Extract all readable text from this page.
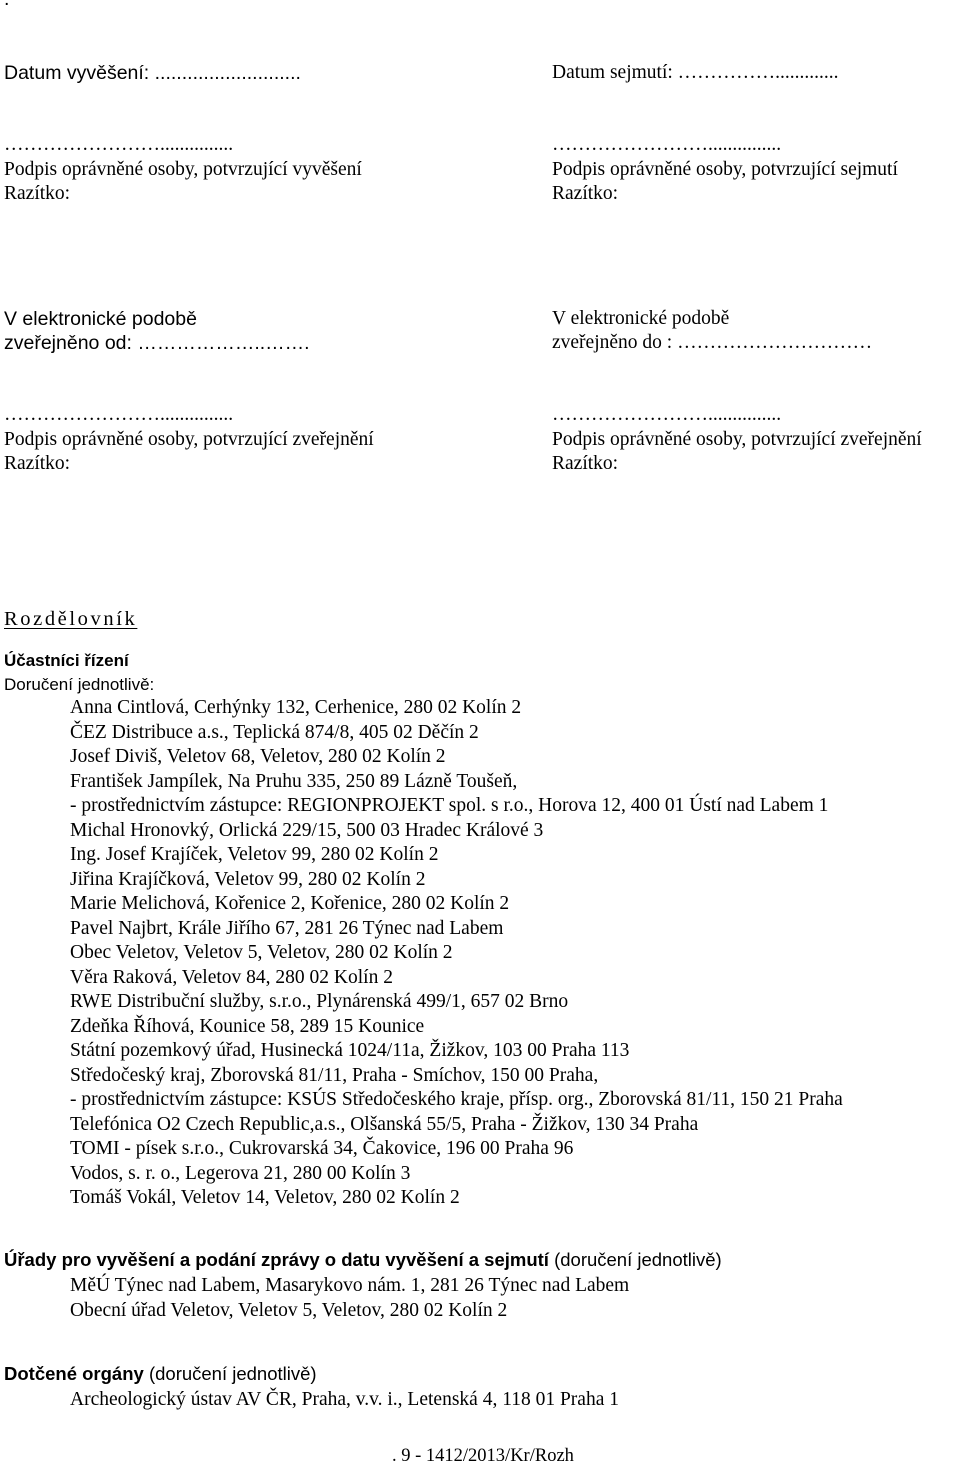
Datum vyvěšení: ...........................
……………………...............
Podpis oprávněné osoby, potvrzující vyvěšení
Razítko:
Datum sejmutí: …………….............
……………………...............
Podpis oprávněné osoby, potvrzující sejmutí
Razítko:
V elektronické podobě
zveřejněno od: ………………..…….
……………………...............
Podpis oprávněné osoby, potvrzující zveřejnění
Razítko:
V elektronické podobě
zveřejněno do : …………………………
……………………...............
Podpis oprávněné osoby, potvrzující zveřejnění
Razítko:
Rozdělovník
Účastníci řízení
Doručení jednotlivě:
Anna Cintlová, Cerhýnky 132, Cerhenice, 280 02 Kolín 2
ČEZ Distribuce a.s., Teplická 874/8, 405 02 Děčín 2
Josef Diviš, Veletov 68, Veletov, 280 02 Kolín 2
František Jampílek, Na Pruhu 335, 250 89 Lázně Toušeň,
- prostřednictvím zástupce: REGIONPROJEKT spol. s r.o., Horova 12, 400 01 Ústí nad Labem 1
Michal Hronovký, Orlická 229/15, 500 03 Hradec Králové 3
Ing. Josef Krajíček, Veletov 99, 280 02 Kolín 2
Jiřina Krajíčková, Veletov 99, 280 02 Kolín 2
Marie Melichová, Kořenice 2, Kořenice, 280 02 Kolín 2
Pavel Najbrt, Krále Jiřího 67, 281 26 Týnec nad Labem
Obec Veletov, Veletov 5, Veletov, 280 02 Kolín 2
Věra Raková, Veletov 84, 280 02 Kolín 2
RWE Distribuční služby, s.r.o., Plynárenská 499/1, 657 02 Brno
Zdeňka Říhová, Kounice 58, 289 15 Kounice
Státní pozemkový úřad, Husinecká 1024/11a, Žižkov, 103 00 Praha 113
Středočeský kraj, Zborovská 81/11, Praha - Smíchov, 150 00 Praha,
- prostřednictvím zástupce: KSÚS Středočeského kraje, přísp. org., Zborovská 81/11, 150 21 Praha
Telefónica O2 Czech Republic,a.s., Olšanská 55/5, Praha - Žižkov, 130 34 Praha
TOMI - písek s.r.o., Cukrovarská 34, Čakovice, 196 00 Praha 96
Vodos, s. r. o., Legerova 21, 280 00 Kolín 3
Tomáš Vokál, Veletov 14, Veletov, 280 02 Kolín 2
Úřady pro vyvěšení a podání zprávy o datu vyvěšení a sejmutí (doručení jednotlivě)
MěÚ Týnec nad Labem, Masarykovo nám. 1, 281 26 Týnec nad Labem
Obecní úřad Veletov, Veletov 5, Veletov, 280 02 Kolín 2
Dotčené orgány (doručení jednotlivě)
Archeologický ústav AV ČR, Praha, v.v. i., Letenská 4, 118 01 Praha 1
. 9 - 1412/2013/Kr/Rozh
